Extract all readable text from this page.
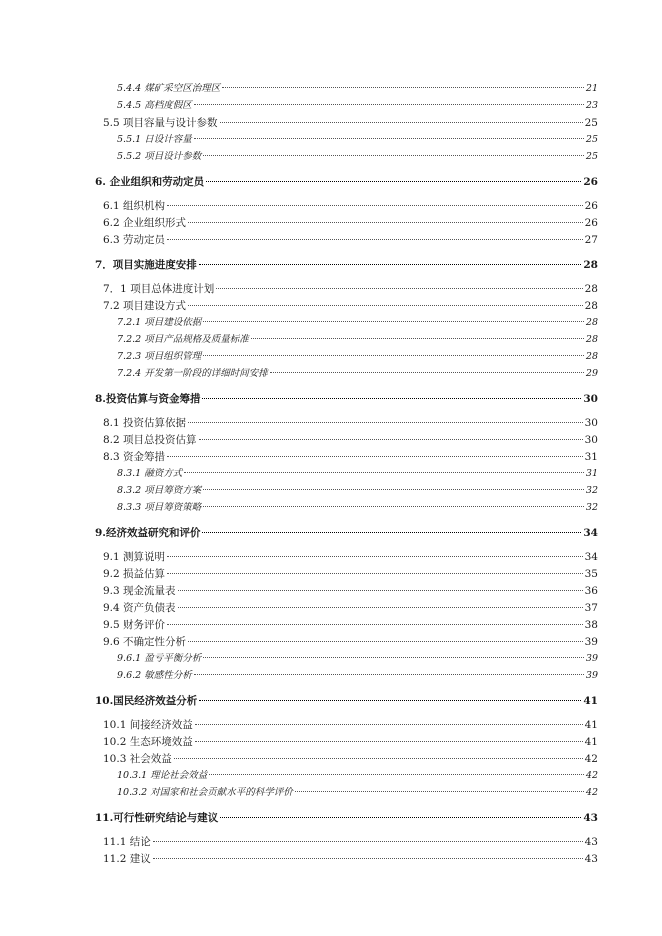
5.4.4 煤矿采空区治理区	21
5.4.5 高档度假区	23
5.5 项目容量与设计参数	25
5.5.1 日设计容量	25
5.5.2 项目设计参数	25
6. 企业组织和劳动定员	26
6.1 组织机构	26
6.2 企业组织形式	26
6.3 劳动定员	27
7．项目实施进度安排	28
7．1 项目总体进度计划	28
7.2 项目建设方式	28
7.2.1 项目建设依据	28
7.2.2 项目产品规格及质量标准	28
7.2.3 项目组织管理	28
7.2.4 开发第一阶段的详细时间安排	29
8.投资估算与资金筹措	30
8.1 投资估算依据	30
8.2 项目总投资估算	30
8.3 资金筹措	31
8.3.1 融资方式	31
8.3.2 项目筹资方案	32
8.3.3 项目筹资策略	32
9.经济效益研究和评价	34
9.1 测算说明	34
9.2 损益估算	35
9.3 现金流量表	36
9.4 资产负债表	37
9.5 财务评价	38
9.6 不确定性分析	39
9.6.1 盈亏平衡分析	39
9.6.2 敏感性分析	39
10.国民经济效益分析	41
10.1 间接经济效益	41
10.2 生态环境效益	41
10.3 社会效益	42
10.3.1 理论社会效益	42
10.3.2 对国家和社会贡献水平的科学评价	42
11.可行性研究结论与建议	43
11.1 结论	43
11.2 建议	43
